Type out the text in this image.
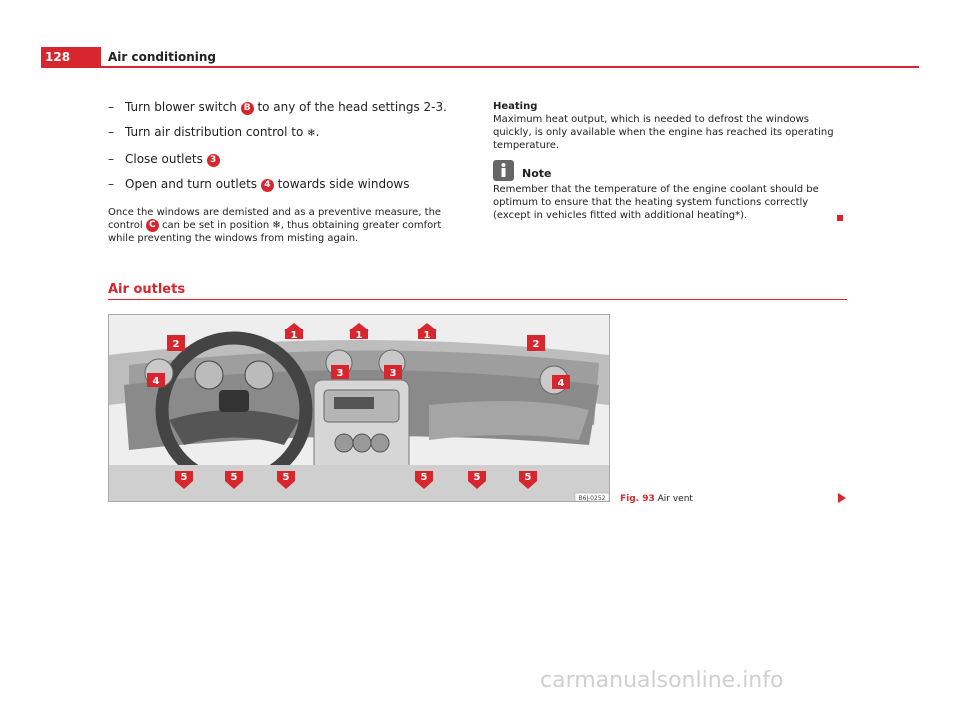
128	Air conditioning
– Turn blower switch B to any of the head settings 2-3.
– Turn air distribution control to ❄.
– Close outlets 3
– Open and turn outlets 4 towards side windows
Once the windows are demisted and as a preventive measure, the control C can be set in position ❄, thus obtaining greater comfort while preventing the windows from misting again.
Heating
Maximum heat output, which is needed to defrost the windows quickly, is only available when the engine has reached its operating temperature.
Note
Remember that the temperature of the engine coolant should be optimum to ensure that the heating system functions correctly (except in vehicles fitted with additional heating*).
Air outlets
1	1	1
2	2
3	3
4	4
5	5	5	5	5	5
B6J-0252 Fig. 93 Air vent
carmanualsonline.info
